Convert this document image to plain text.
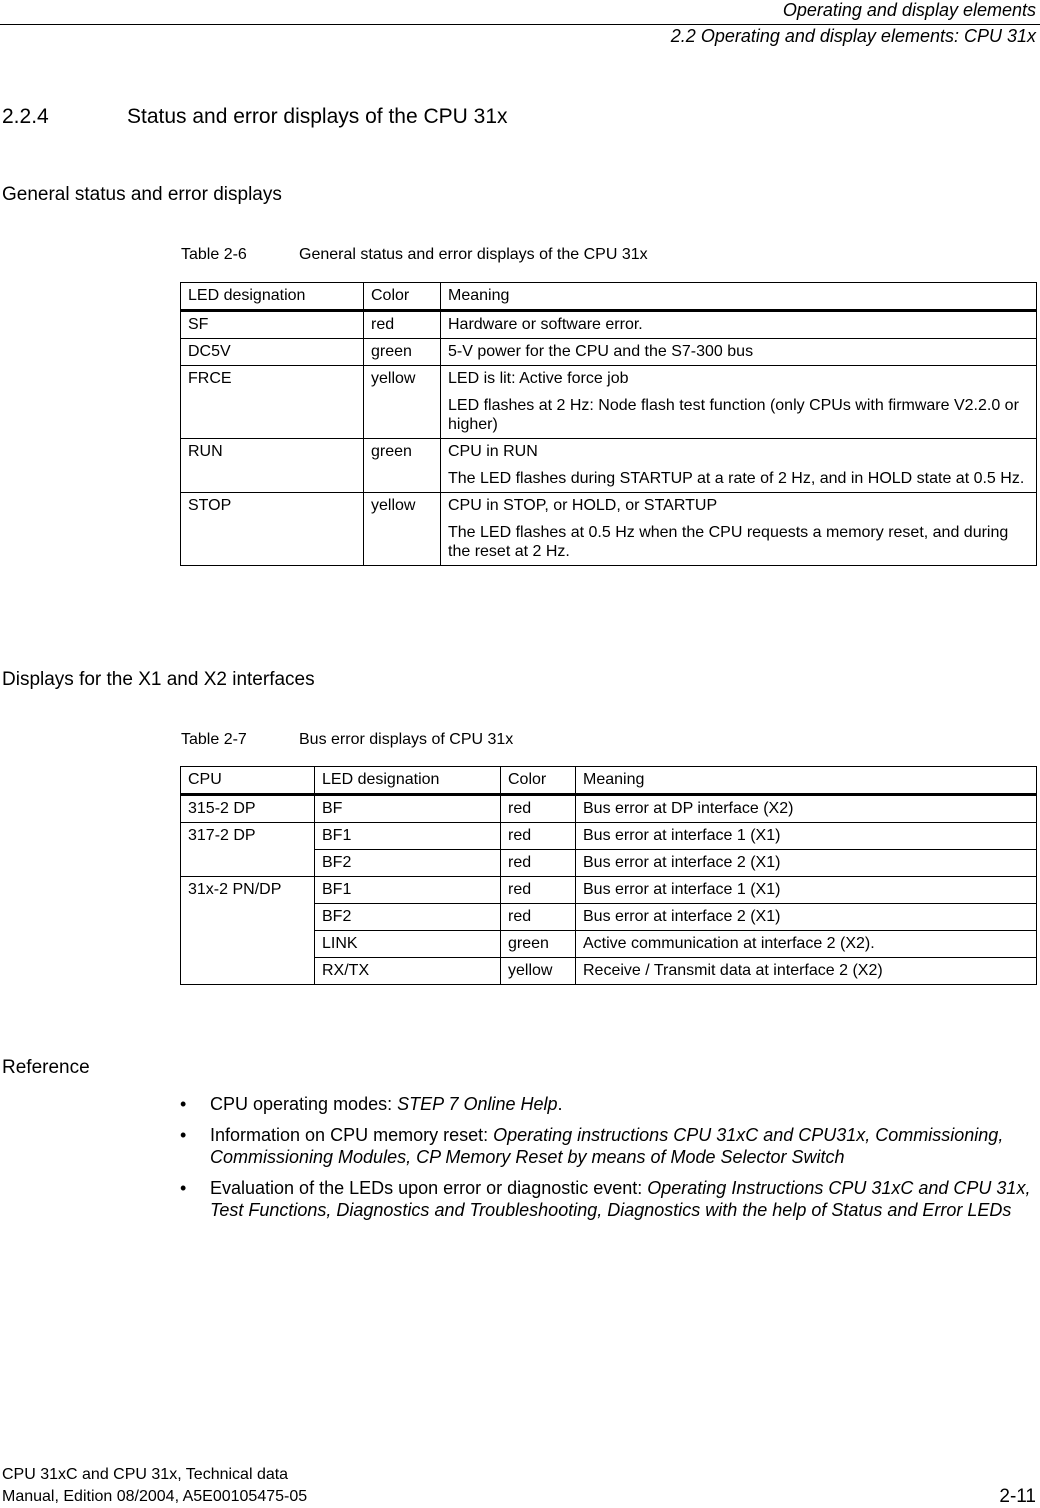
Operating and display elements
2.2 Operating and display elements: CPU 31x
2.2.4	Status and error displays of the CPU 31x
General status and error displays
Table 2-6	General status and error displays of the CPU 31x
LED designation	Color	Meaning
SF	red	Hardware or software error.

DC5V	green	5-V power for the CPU and the S7-300 bus

FRCE	yellow	LED is lit: Active force job
LED flashes at 2 Hz: Node flash test function (only CPUs with firmware V2.2.0 or higher)

RUN	green	CPU in RUN
The LED flashes during STARTUP at a rate of 2 Hz, and in HOLD state at 0.5 Hz.

STOP	yellow	CPU in STOP, or HOLD, or STARTUP
The LED flashes at 0.5 Hz when the CPU requests a memory reset, and during the reset at 2 Hz.
Displays for the X1 and X2 interfaces
Table 2-7	Bus error displays of CPU 31x
CPU	LED designation	Color	Meaning
315-2 DP	BF	red	Bus error at DP interface (X2)
317-2 DP	BF1	red	Bus error at interface 1 (X1)
	BF2	red	Bus error at interface 2 (X1)
31x-2 PN/DP	BF1	red	Bus error at interface 1 (X1)
	BF2	red	Bus error at interface 2 (X1)
	LINK	green	Active communication at interface 2 (X2).
	RX/TX	yellow	Receive / Transmit data at interface 2 (X2)
Reference
• CPU operating modes: STEP 7 Online Help.
• Information on CPU memory reset: Operating instructions CPU 31xC and CPU31x, Commissioning, Commissioning Modules, CP Memory Reset by means of Mode Selector Switch
• Evaluation of the LEDs upon error or diagnostic event: Operating Instructions CPU 31xC and CPU 31x, Test Functions, Diagnostics and Troubleshooting, Diagnostics with the help of Status and Error LEDs
CPU 31xC and CPU 31x, Technical data
Manual, Edition 08/2004, A5E00105475-05	2-11
